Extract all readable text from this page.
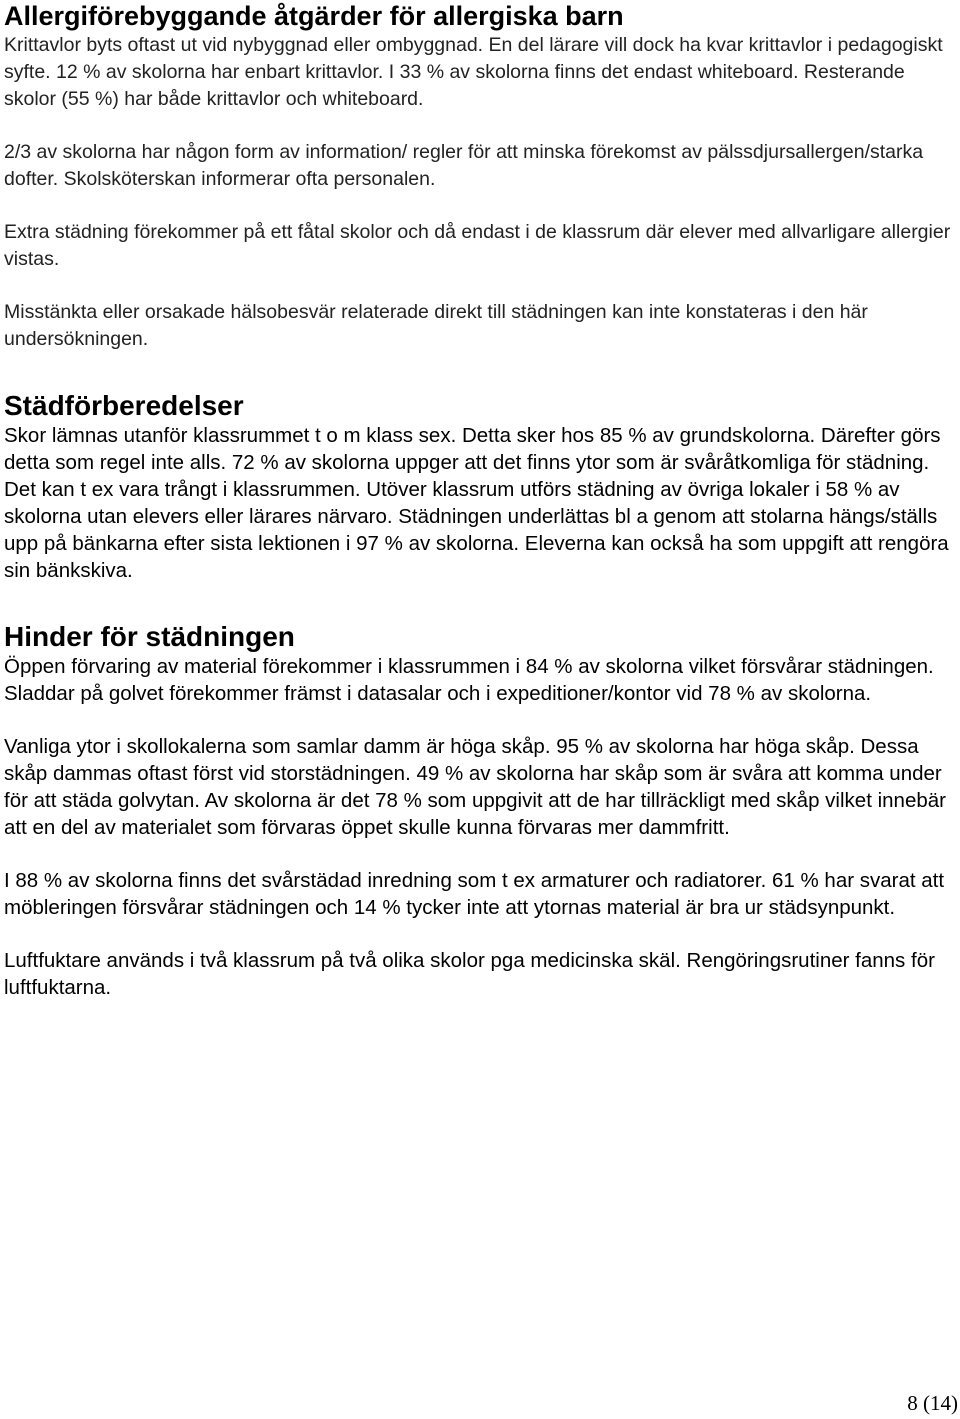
Allergiförebyggande åtgärder för allergiska barn

Krittavlor byts oftast ut vid nybyggnad eller ombyggnad. En del lärare vill dock ha kvar krittavlor i pedagogiskt syfte. 12 % av skolorna har enbart krittavlor. I 33 % av skolorna finns det endast whiteboard. Resterande skolor (55 %) har både krittavlor och whiteboard.

2/3 av skolorna har någon form av information/ regler för att minska förekomst av pälssdjursallergen/starka dofter. Skolsköterskan informerar ofta personalen.

Extra städning förekommer på ett fåtal skolor och då endast i de klassrum där elever med allvarligare allergier vistas.

Misstänkta eller orsakade hälsobesvär relaterade direkt till städningen kan inte konstateras i den här undersökningen.

Städförberedelser

Skor lämnas utanför klassrummet t o m klass sex. Detta sker hos 85 % av grundskolorna. Därefter görs detta som regel inte alls. 72 % av skolorna uppger att det finns ytor som är svåråtkomliga för städning. Det kan t ex vara trångt i klassrummen. Utöver klassrum utförs städning av övriga lokaler i 58 % av skolorna utan elevers eller lärares närvaro. Städningen underlättas bl a genom att stolarna hängs/ställs upp på bänkarna efter sista lektionen i 97 % av skolorna. Eleverna kan också ha som uppgift att rengöra sin bänkskiva.

Hinder för städningen

Öppen förvaring av material förekommer i klassrummen i 84 % av skolorna vilket försvårar städningen. Sladdar på golvet förekommer främst i datasalar och i expeditioner/kontor vid 78 % av skolorna.

Vanliga ytor i skollokalerna som samlar damm är höga skåp. 95 % av skolorna har höga skåp. Dessa skåp dammas oftast först vid storstädningen. 49 % av skolorna har skåp som är svåra att komma under för att städa golvytan. Av skolorna är det 78 % som uppgivit att de har tillräckligt med skåp vilket innebär att en del av materialet som förvaras öppet skulle kunna förvaras mer dammfritt.

I 88 % av skolorna finns det svårstädad inredning som t ex armaturer och radiatorer. 61 % har svarat att möbleringen försvårar städningen och 14 % tycker inte att ytornas material är bra ur städsynpunkt.

Luftfuktare används i två klassrum på två olika skolor pga medicinska skäl. Rengöringsrutiner fanns för luftfuktarna.

8 (14)
